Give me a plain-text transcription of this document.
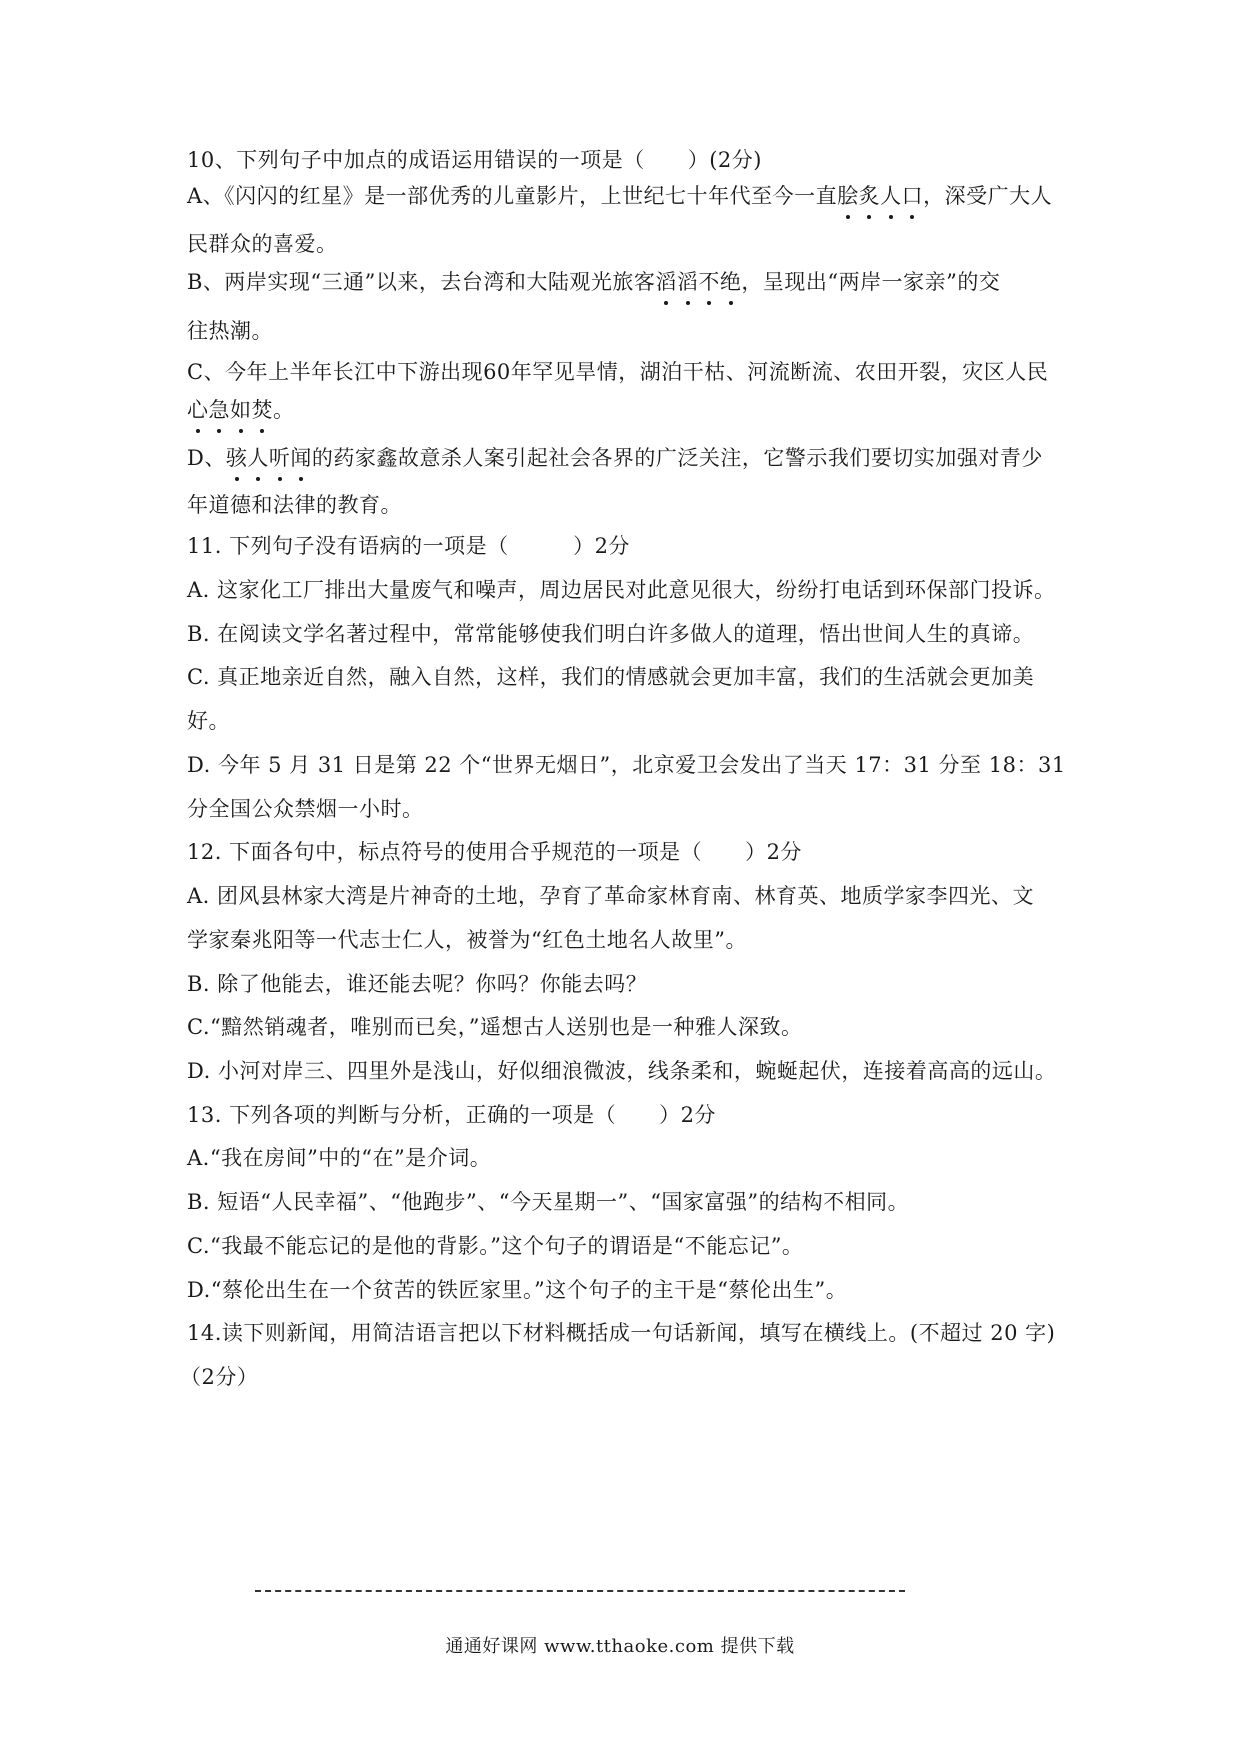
10、下列句子中加点的成语运用错误的一项是（　　）(2分)
A、《闪闪的红星》是一部优秀的儿童影片，上世纪七十年代至今一直脍炙人口，深受广大人
民群众的喜爱。
B、两岸实现“三通”以来，去台湾和大陆观光旅客滔滔不绝，呈现出“两岸一家亲”的交
往热潮。
C、今年上半年长江中下游出现60年罕见旱情，湖泊干枯、河流断流、农田开裂，灾区人民
心急如焚。
D、骇人听闻的药家鑫故意杀人案引起社会各界的广泛关注，它警示我们要切实加强对青少
年道德和法律的教育。
11. 下列句子没有语病的一项是（　　　）2分
A. 这家化工厂排出大量废气和噪声，周边居民对此意见很大，纷纷打电话到环保部门投诉。
B. 在阅读文学名著过程中，常常能够使我们明白许多做人的道理，悟出世间人生的真谛。
C. 真正地亲近自然，融入自然，这样，我们的情感就会更加丰富，我们的生活就会更加美
好。
D. 今年 5 月 31 日是第 22 个“世界无烟日”，北京爱卫会发出了当天 17：31 分至 18：31
分全国公众禁烟一小时。
12. 下面各句中，标点符号的使用合乎规范的一项是（　　）2分
A. 团风县林家大湾是片神奇的土地，孕育了革命家林育南、林育英、地质学家李四光、文
学家秦兆阳等一代志士仁人，被誉为“红色土地名人故里”。
B. 除了他能去，谁还能去呢？你吗？你能去吗？
C.“黯然销魂者，唯别而已矣，”遥想古人送别也是一种雅人深致。
D. 小河对岸三、四里外是浅山，好似细浪微波，线条柔和，蜿蜒起伏，连接着高高的远山。
13. 下列各项的判断与分析，正确的一项是（　　）2分
A.“我在房间”中的“在”是介词。
B. 短语“人民幸福”、“他跑步”、“今天星期一”、“国家富强”的结构不相同。
C.“我最不能忘记的是他的背影。”这个句子的谓语是“不能忘记”。
D.“蔡伦出生在一个贫苦的铁匠家里。”这个句子的主干是“蔡伦出生”。
14.读下则新闻，用简洁语言把以下材料概括成一句话新闻，填写在横线上。(不超过 20 字)
（2分）
通通好课网 www.tthaoke.com 提供下载
